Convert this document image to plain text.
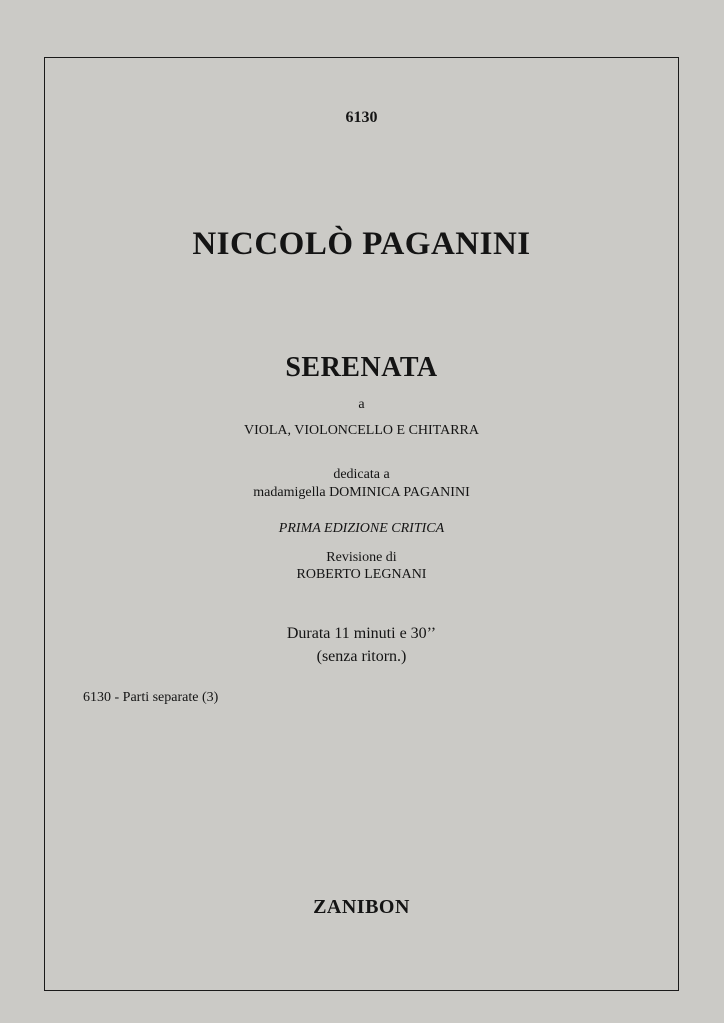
6130
NICCOLÒ PAGANINI
SERENATA
a
VIOLA, VIOLONCELLO E CHITARRA
dedicata a
madamigella DOMINICA PAGANINI
PRIMA EDIZIONE CRITICA
Revisione di
ROBERTO LEGNANI
Durata 11 minuti e 30’’
(senza ritorn.)
6130 - Parti separate (3)
ZANIBON
